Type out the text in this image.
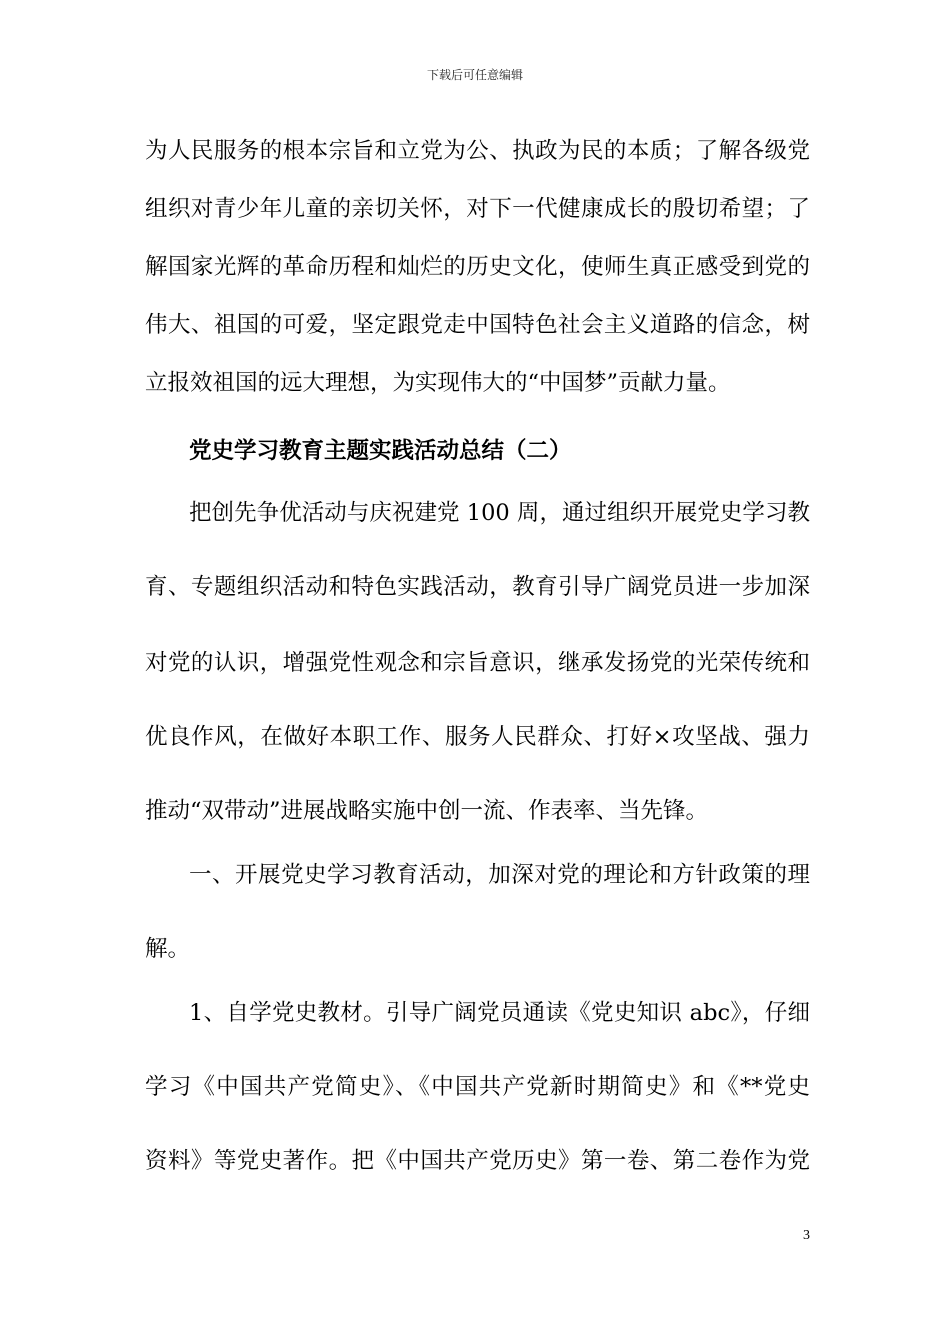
下载后可任意编辑
为人民服务的根本宗旨和立党为公、执政为民的本质；了解各级党
组织对青少年儿童的亲切关怀，对下一代健康成长的殷切希望；了
解国家光辉的革命历程和灿烂的历史文化，使师生真正感受到党的
伟大、祖国的可爱，坚定跟党走中国特色社会主义道路的信念，树
立报效祖国的远大理想，为实现伟大的“中国梦”贡献力量。
党史学习教育主题实践活动总结（二）
把创先争优活动与庆祝建党 100 周，通过组织开展党史学习教
育、专题组织活动和特色实践活动，教育引导广阔党员进一步加深
对党的认识，增强党性观念和宗旨意识，继承发扬党的光荣传统和
优良作风，在做好本职工作、服务人民群众、打好×攻坚战、强力
推动“双带动”进展战略实施中创一流、作表率、当先锋。
一、开展党史学习教育活动，加深对党的理论和方针政策的理
解。
1、自学党史教材。引导广阔党员通读《党史知识 abc》，仔细
学习《中国共产党简史》、《中国共产党新时期简史》和《**党史
资料》等党史著作。把《中国共产党历史》第一卷、第二卷作为党
3
